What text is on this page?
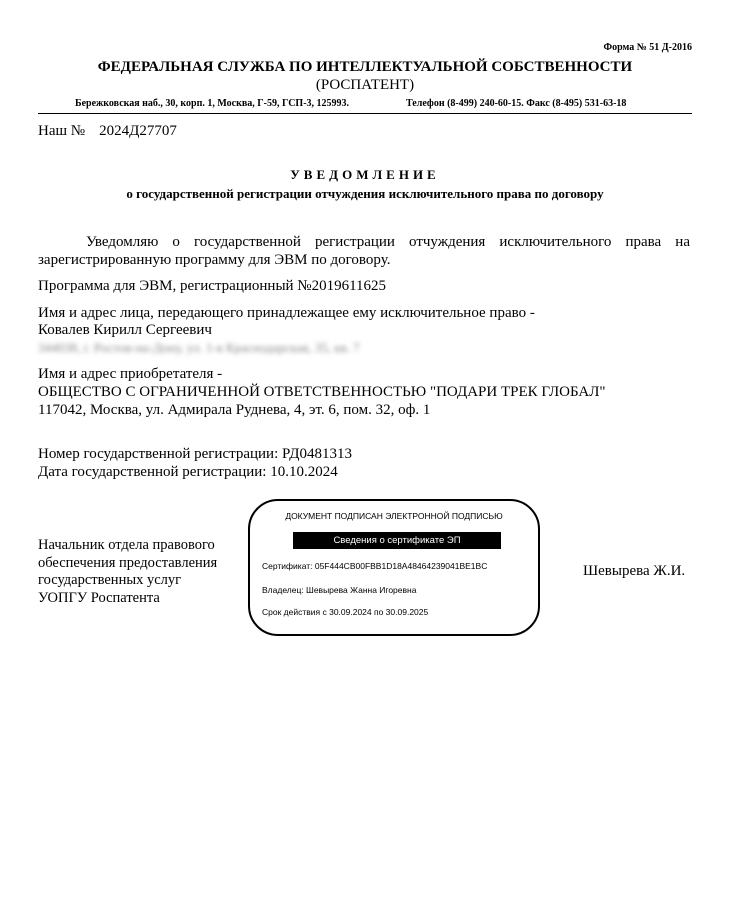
Форма № 51 Д-2016
ФЕДЕРАЛЬНАЯ СЛУЖБА ПО ИНТЕЛЛЕКТУАЛЬНОЙ СОБСТВЕННОСТИ
(РОСПАТЕНТ)
Бережковская наб., 30, корп. 1, Москва, Г-59, ГСП-3, 125993.	Телефон (8-499) 240-60-15. Факс (8-495) 531-63-18
Наш № 2024Д27707
УВЕДОМЛЕНИЕ
о государственной регистрации отчуждения исключительного права по договору
Уведомляю о государственной регистрации отчуждения исключительного права на зарегистрированную программу для ЭВМ по договору.
Программа для ЭВМ, регистрационный №2019611625
Имя и адрес лица, передающего принадлежащее ему исключительное право -
Ковалев Кирилл Сергеевич
344038, г. Ростов-на-Дону, ул. 1-я Краснодарская, 35, кв. 7
Имя и адрес приобретателя -
ОБЩЕСТВО С ОГРАНИЧЕННОЙ ОТВЕТСТВЕННОСТЬЮ "ПОДАРИ ТРЕК ГЛОБАЛ"
117042, Москва, ул. Адмирала Руднева, 4, эт. 6, пом. 32, оф. 1
Номер государственной регистрации: РД0481313
Дата государственной регистрации: 10.10.2024
Начальник отдела правового
обеспечения предоставления
государственных услуг
УОПГУ Роспатента
ДОКУМЕНТ ПОДПИСАН ЭЛЕКТРОННОЙ ПОДПИСЬЮ
Сведения о сертификате ЭП
Сертификат: 05F444CB00FBB1D18A48464239041BE1BC
Владелец: Шевырева Жанна Игоревна
Срок действия с 30.09.2024 по 30.09.2025
Шевырева Ж.И.
